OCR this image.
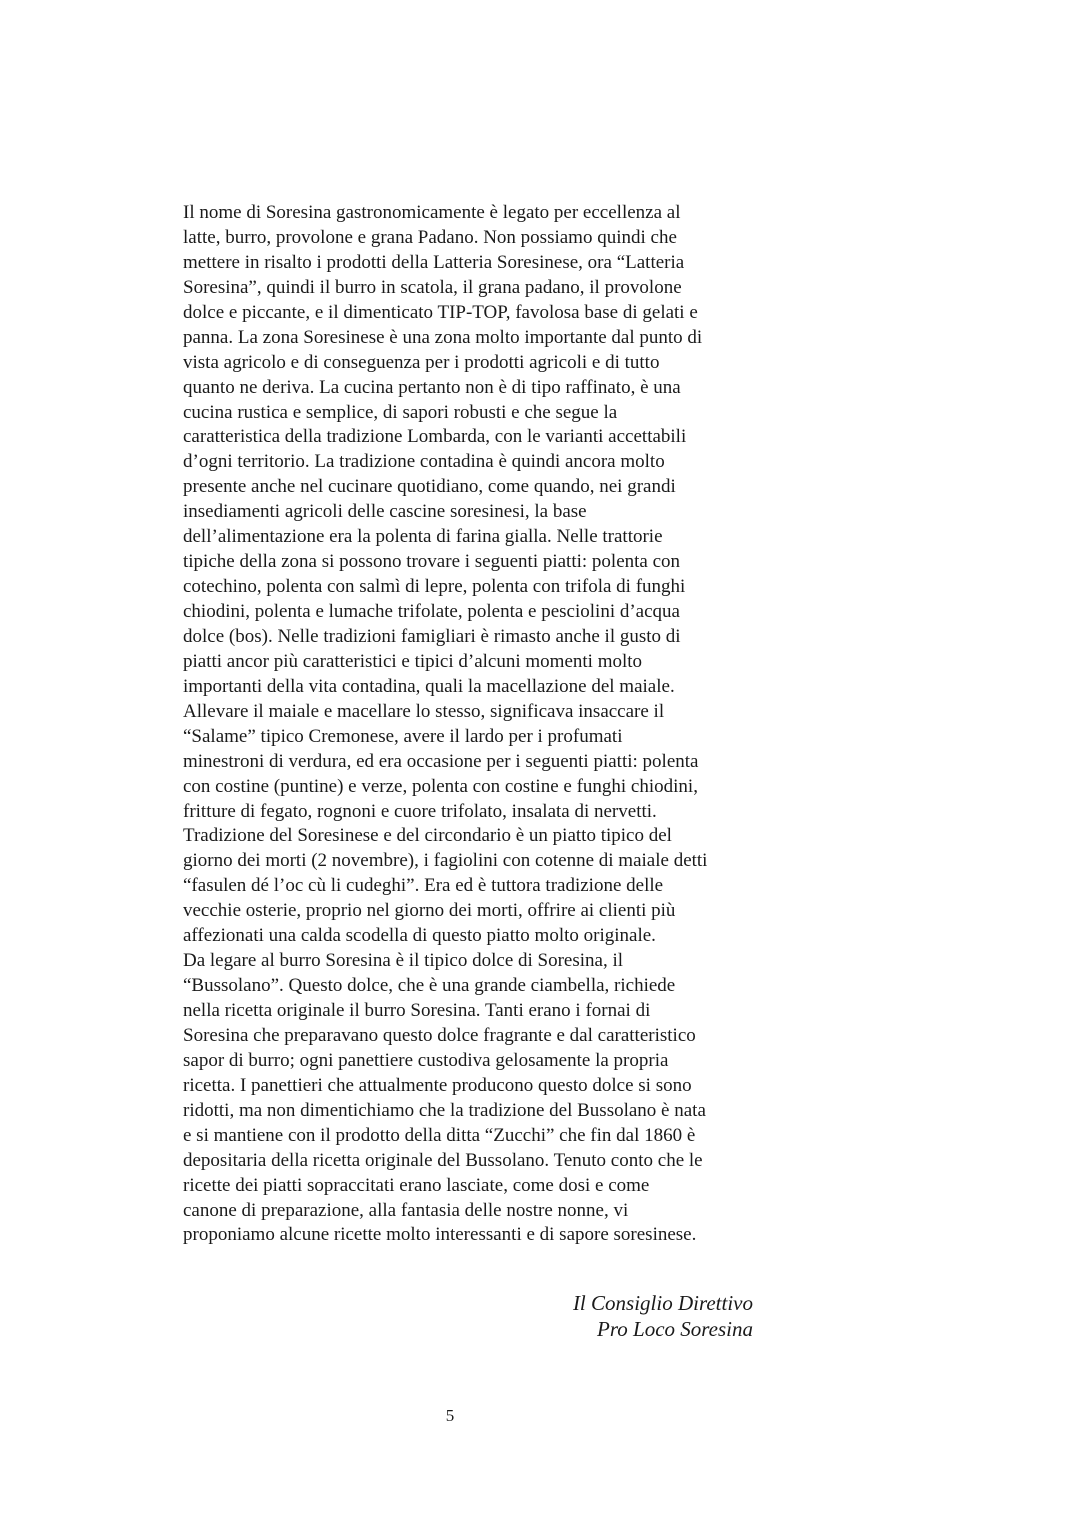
Il nome di Soresina gastronomicamente è legato per eccellenza al
latte, burro, provolone e grana Padano. Non possiamo quindi che
mettere in risalto i prodotti della Latteria Soresinese, ora “Latteria
Soresina”, quindi il burro in scatola, il grana padano, il provolone
dolce e piccante, e il dimenticato TIP-TOP, favolosa base di gelati e
panna. La zona Soresinese è una zona molto importante dal punto di
vista agricolo e di conseguenza per i prodotti agricoli e di tutto
quanto ne deriva. La cucina pertanto non è di tipo raffinato, è una
cucina rustica e semplice, di sapori robusti e che segue la
caratteristica della tradizione Lombarda, con le varianti accettabili
d’ogni territorio. La tradizione contadina è quindi ancora molto
presente anche nel cucinare quotidiano, come quando, nei grandi
insediamenti agricoli delle cascine soresinesi, la base
dell’alimentazione era la polenta di farina gialla. Nelle trattorie
tipiche della zona si possono trovare i seguenti piatti: polenta con
cotechino, polenta con salmì di lepre, polenta con trifola di funghi
chiodini, polenta e lumache trifolate, polenta e pesciolini d’acqua
dolce (bos). Nelle tradizioni famigliari è rimasto anche il gusto di
piatti ancor più caratteristici e tipici d’alcuni momenti molto
importanti della vita contadina, quali la macellazione del maiale.
Allevare il maiale e macellare lo stesso, significava insaccare il
“Salame” tipico Cremonese, avere il lardo per i profumati
minestroni di verdura, ed era occasione per i seguenti piatti: polenta
con costine (puntine) e verze, polenta con costine e funghi chiodini,
fritture di fegato, rognoni e cuore trifolato, insalata di nervetti.
Tradizione del Soresinese e del circondario è un piatto tipico del
giorno dei morti (2 novembre), i fagiolini con cotenne di maiale detti
“fasulen dé l’oc cù li cudeghi”. Era ed è tuttora tradizione delle
vecchie osterie, proprio nel giorno dei morti, offrire ai clienti più
affezionati una calda scodella di questo piatto molto originale.
Da legare al burro Soresina è il tipico dolce di Soresina, il
“Bussolano”. Questo dolce, che è una grande ciambella, richiede
nella ricetta originale il burro Soresina. Tanti erano i fornai di
Soresina che preparavano questo dolce fragrante e dal caratteristico
sapor di burro; ogni panettiere custodiva gelosamente la propria
ricetta. I panettieri che attualmente producono questo dolce si sono
ridotti, ma non dimentichiamo che la tradizione del Bussolano è nata
e si mantiene con il prodotto della ditta “Zucchi” che fin dal 1860 è
depositaria della ricetta originale del Bussolano. Tenuto conto che le
ricette dei piatti sopraccitati erano lasciate, come dosi e come
canone di preparazione, alla fantasia delle nostre nonne, vi
proponiamo alcune ricette molto interessanti e di sapore soresinese.
Il Consiglio Direttivo
Pro Loco Soresina
5
